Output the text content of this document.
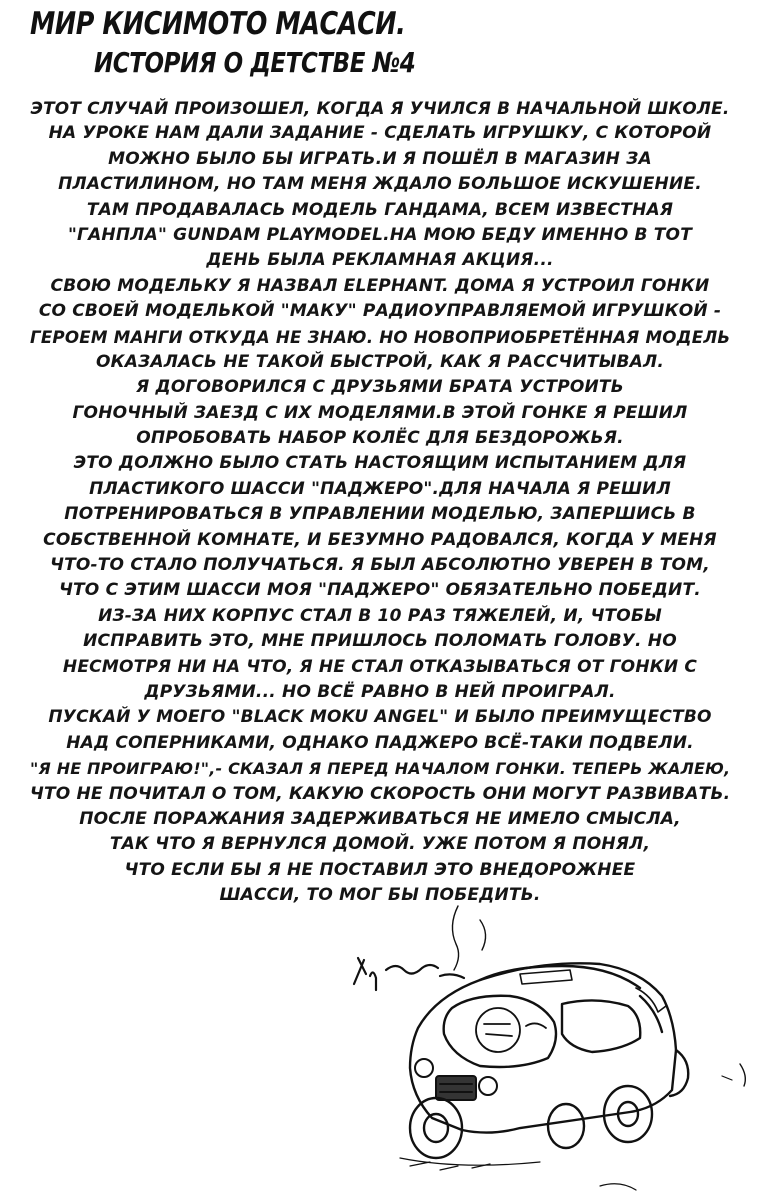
МИР КИСИМОТО МАСАСИ.
ИСТОРИЯ О ДЕТСТВЕ №4
ЭТОТ СЛУЧАЙ ПРОИЗОШЕЛ, КОГДА Я УЧИЛСЯ В НАЧАЛЬНОЙ ШКОЛЕ.
НА УРОКЕ НАМ ДАЛИ ЗАДАНИЕ - СДЕЛАТЬ ИГРУШКУ, С КОТОРОЙ
МОЖНО БЫЛО БЫ ИГРАТЬ.И Я ПОШЁЛ В МАГАЗИН ЗА
ПЛАСТИЛИНОМ, НО ТАМ МЕНЯ ЖДАЛО БОЛЬШОЕ ИСКУШЕНИЕ.
ТАМ ПРОДАВАЛАСЬ МОДЕЛЬ ГАНДАМА, ВСЕМ ИЗВЕСТНАЯ
"ГАНПЛА" GUNDAM PLAYMODEL.НА МОЮ БЕДУ ИМЕННО В ТОТ
ДЕНЬ БЫЛА РЕКЛАМНАЯ АКЦИЯ...
СВОЮ МОДЕЛЬКУ Я НАЗВАЛ ELEPHANT. ДОМА Я УСТРОИЛ ГОНКИ
СО СВОЕЙ МОДЕЛЬКОЙ "МАКУ" РАДИОУПРАВЛЯЕМОЙ ИГРУШКОЙ -
ГЕРОЕМ МАНГИ ОТКУДА НЕ ЗНАЮ. НО НОВОПРИОБРЕТЁННАЯ МОДЕЛЬ
ОКАЗАЛАСЬ НЕ ТАКОЙ БЫСТРОЙ, КАК Я РАССЧИТЫВАЛ.
Я ДОГОВОРИЛСЯ С ДРУЗЬЯМИ БРАТА УСТРОИТЬ
ГОНОЧНЫЙ ЗАЕЗД С ИХ МОДЕЛЯМИ.В ЭТОЙ ГОНКЕ Я РЕШИЛ
ОПРОБОВАТЬ НАБОР КОЛЁС ДЛЯ БЕЗДОРОЖЬЯ.
ЭТО ДОЛЖНО БЫЛО СТАТЬ НАСТОЯЩИМ ИСПЫТАНИЕМ ДЛЯ
ПЛАСТИКОГО ШАССИ "ПАДЖЕРО".ДЛЯ НАЧАЛА Я РЕШИЛ
ПОТРЕНИРОВАТЬСЯ В УПРАВЛЕНИИ МОДЕЛЬЮ, ЗАПЕРШИСЬ В
СОБСТВЕННОЙ КОМНАТЕ, И БЕЗУМНО РАДОВАЛСЯ, КОГДА У МЕНЯ
ЧТО-ТО СТАЛО ПОЛУЧАТЬСЯ. Я БЫЛ АБСОЛЮТНО УВЕРЕН В ТОМ,
ЧТО С ЭТИМ ШАССИ МОЯ "ПАДЖЕРО" ОБЯЗАТЕЛЬНО ПОБЕДИТ.
ИЗ-ЗА НИХ КОРПУС СТАЛ В 10 РАЗ ТЯЖЕЛЕЙ, И, ЧТОБЫ
ИСПРАВИТЬ ЭТО, МНЕ ПРИШЛОСЬ ПОЛОМАТЬ ГОЛОВУ. НО
НЕСМОТРЯ НИ НА ЧТО, Я НЕ СТАЛ ОТКАЗЫВАТЬСЯ ОТ ГОНКИ С
ДРУЗЬЯМИ... НО ВСЁ РАВНО В НЕЙ ПРОИГРАЛ.
ПУСКАЙ У МОЕГО "BLACK MOKU ANGEL" И БЫЛО ПРЕИМУЩЕСТВО
НАД СОПЕРНИКАМИ, ОДНАКО ПАДЖЕРО ВСЁ-ТАКИ ПОДВЕЛИ.
"Я НЕ ПРОИГРАЮ!",- СКАЗАЛ Я ПЕРЕД НАЧАЛОМ ГОНКИ. ТЕПЕРЬ ЖАЛЕЮ,
ЧТО НЕ ПОЧИТАЛ О ТОМ, КАКУЮ СКОРОСТЬ ОНИ МОГУТ РАЗВИВАТЬ.
ПОСЛЕ ПОРАЖАНИЯ ЗАДЕРЖИВАТЬСЯ НЕ ИМЕЛО СМЫСЛА,
ТАК ЧТО Я ВЕРНУЛСЯ ДОМОЙ. УЖЕ ПОТОМ Я ПОНЯЛ,
ЧТО ЕСЛИ БЫ Я НЕ ПОСТАВИЛ ЭТО ВНЕДОРОЖНЕЕ
ШАССИ, ТО МОГ БЫ ПОБЕДИТЬ.
